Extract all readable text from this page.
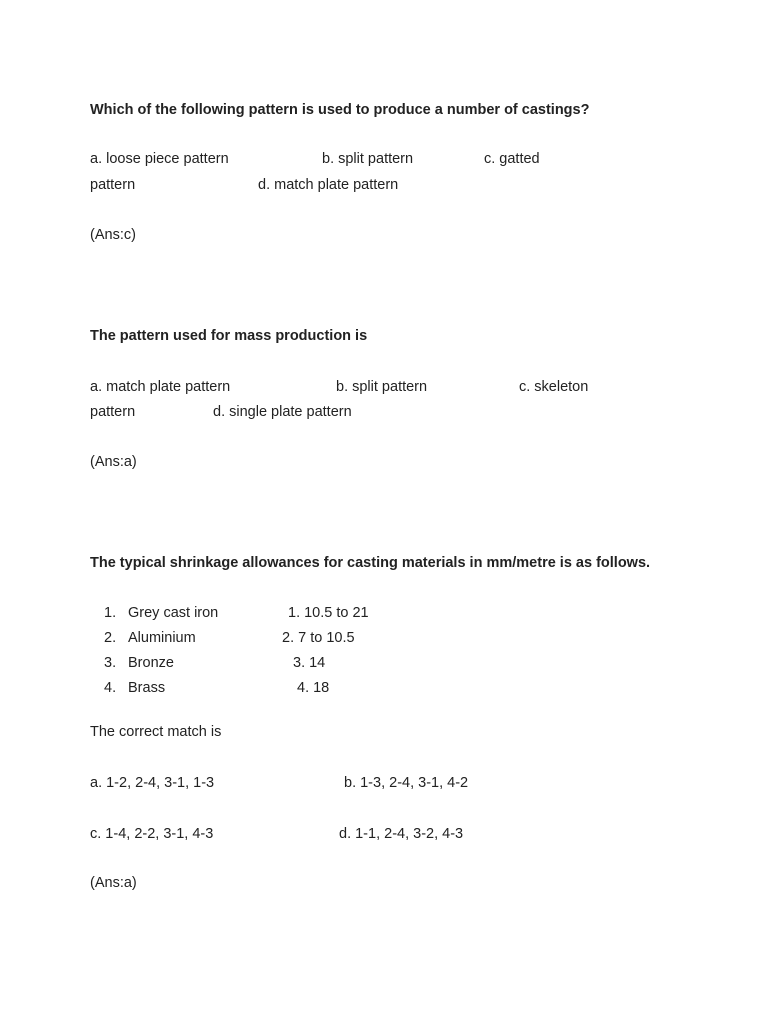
Which of the following pattern is used to produce a number of castings?
a. loose piece pattern	b. split pattern	c. gatted
pattern	d. match plate pattern
(Ans:c)
The pattern used for mass production is
a. match plate pattern	b. split pattern	c. skeleton
pattern	d. single plate pattern
(Ans:a)
The typical shrinkage allowances for casting materials in mm/metre is as follows.
1. Grey cast iron	1. 10.5 to 21
2. Aluminium	2. 7 to 10.5
3. Bronze	3. 14
4. Brass	4. 18
The correct match is
a. 1-2, 2-4, 3-1, 1-3	b. 1-3, 2-4, 3-1, 4-2
c. 1-4, 2-2, 3-1, 4-3	d. 1-1, 2-4, 3-2, 4-3
(Ans:a)
